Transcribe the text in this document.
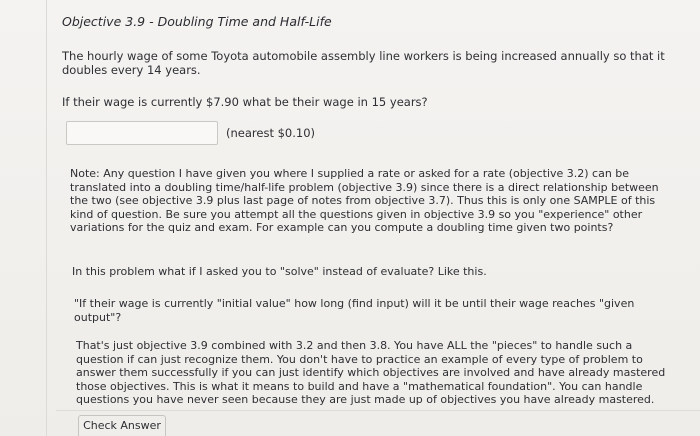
Objective 3.9 - Doubling Time and Half-Life
The hourly wage of some Toyota automobile assembly line workers is being increased annually so that it doubles every 14 years.
If their wage is currently $7.90 what be their wage in 15 years?
(nearest $0.10)
Note: Any question I have given you where I supplied a rate or asked for a rate (objective 3.2) can be translated into a doubling time/half-life problem (objective 3.9) since there is a direct relationship between the two (see objective 3.9 plus last page of notes from objective 3.7). Thus this is only one SAMPLE of this kind of question. Be sure you attempt all the questions given in objective 3.9 so you "experience" other variations for the quiz and exam. For example can you compute a doubling time given two points?
In this problem what if I asked you to "solve" instead of evaluate? Like this.
"If their wage is currently "initial value" how long (find input) will it be until their wage reaches "given output"?
That's just objective 3.9 combined with 3.2 and then 3.8. You have ALL the "pieces" to handle such a question if can just recognize them. You don't have to practice an example of every type of problem to answer them successfully if you can just identify which objectives are involved and have already mastered those objectives. This is what it means to build and have a "mathematical foundation". You can handle questions you have never seen because they are just made up of objectives you have already mastered.
Check Answer
